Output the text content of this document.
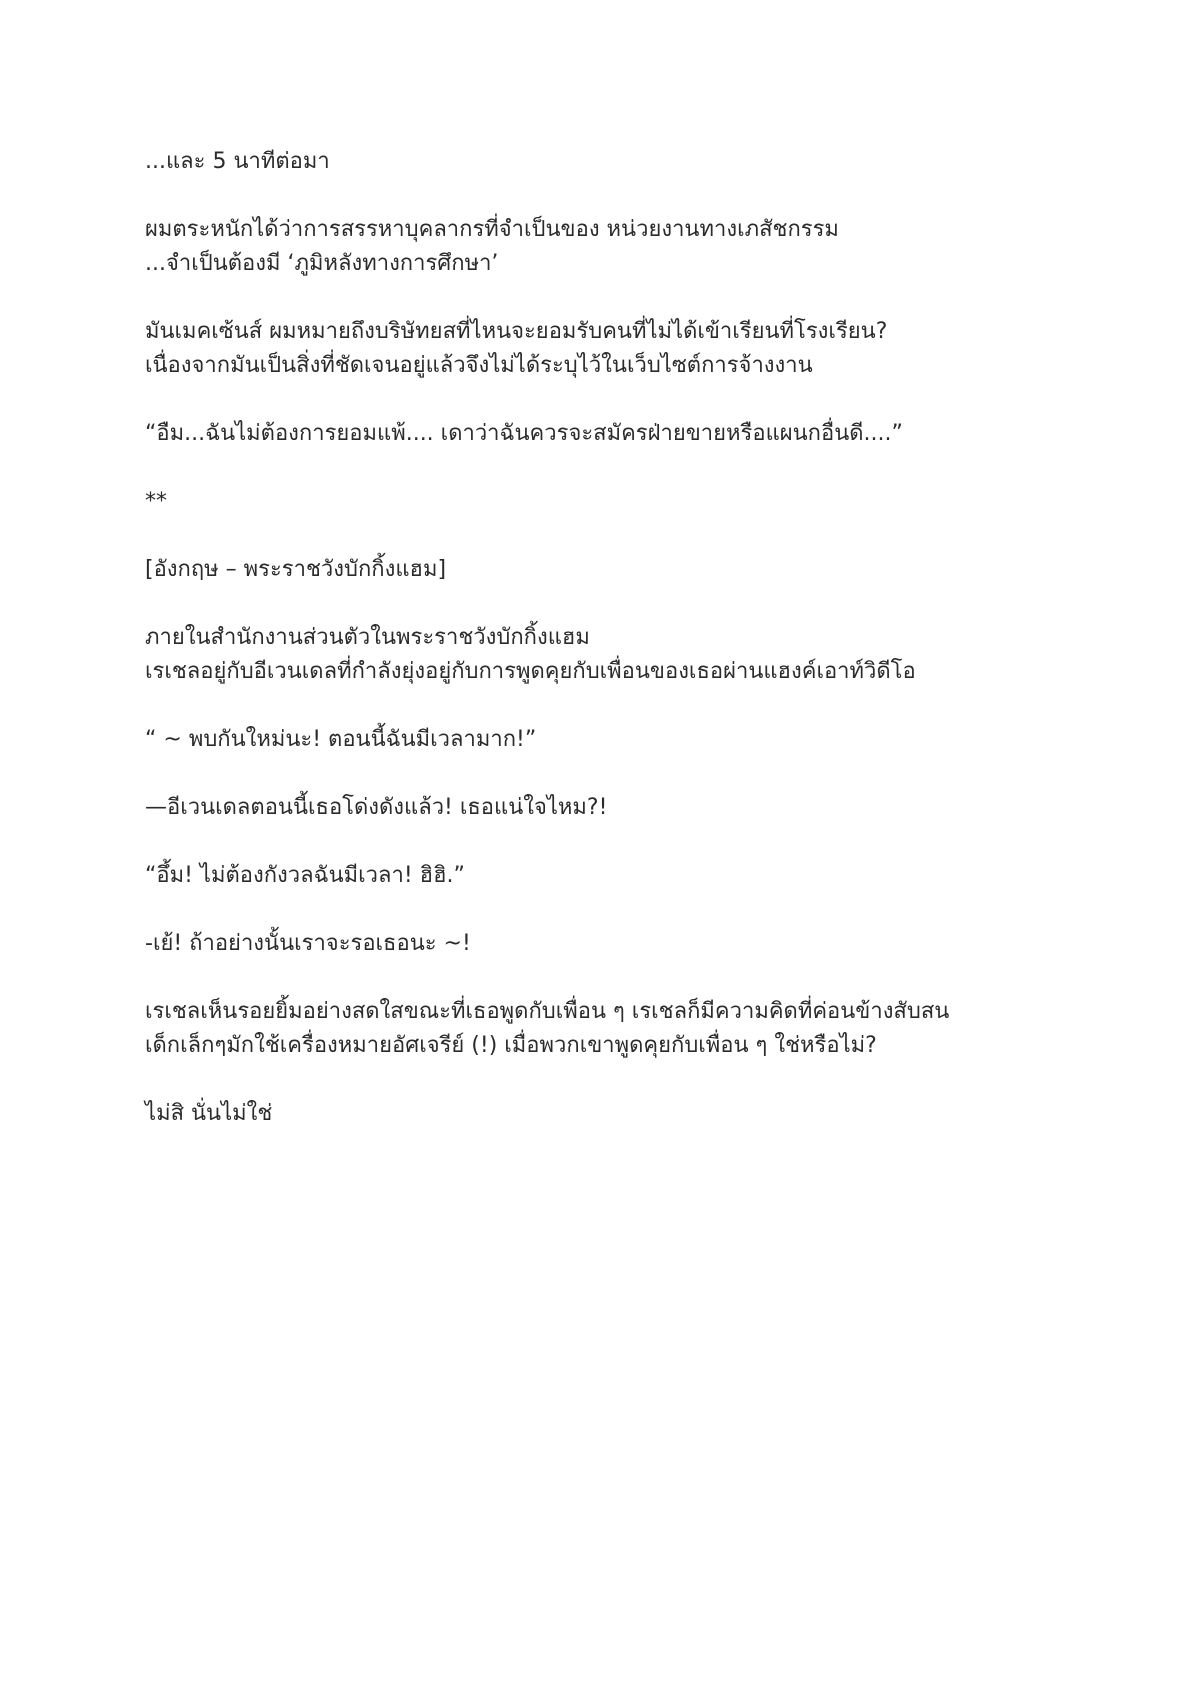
...และ 5 นาทีต่อมา
ผมตระหนักได้ว่าการสรรหาบุคลากรที่จำเป็นของ หน่วยงานทางเภสัชกรรม
...จำเป็นต้องมี ‘ภูมิหลังทางการศึกษา’
มันเมคเซ้นส์ ผมหมายถึงบริษัทยสที่ไหนจะยอมรับคนที่ไม่ได้เข้าเรียนที่โรงเรียน?
เนื่องจากมันเป็นสิ่งที่ชัดเจนอยู่แล้วจึงไม่ได้ระบุไว้ในเว็บไซต์การจ้างงาน
“อืม...ฉันไม่ต้องการยอมแพ้.... เดาว่าฉันควรจะสมัครฝ่ายขายหรือแผนกอื่นดี....”
**
[อังกฤษ – พระราชวังบักกิ้งแฮม]
ภายในสำนักงานส่วนตัวในพระราชวังบักกิ้งแฮม
เรเชลอยู่กับอีเวนเดลที่กำลังยุ่งอยู่กับการพูดคุยกับเพื่อนของเธอผ่านแฮงค์เอาท์วิดีโอ
“ ~ พบกันใหม่นะ! ตอนนี้ฉันมีเวลามาก!”
—อีเวนเดลตอนนี้เธอโด่งดังแล้ว! เธอแน่ใจไหม?!
“อึ้ม! ไม่ต้องกังวลฉันมีเวลา! ฮิฮิ.”
-เย้! ถ้าอย่างนั้นเราจะรอเธอนะ ~!
เรเชลเห็นรอยยิ้มอย่างสดใสขณะที่เธอพูดกับเพื่อน ๆ เรเชลก็มีความคิดที่ค่อนข้างสับสน
เด็กเล็กๆมักใช้เครื่องหมายอัศเจรีย์ (!) เมื่อพวกเขาพูดคุยกับเพื่อน ๆ ใช่หรือไม่?
ไม่สิ นั่นไม่ใช่
